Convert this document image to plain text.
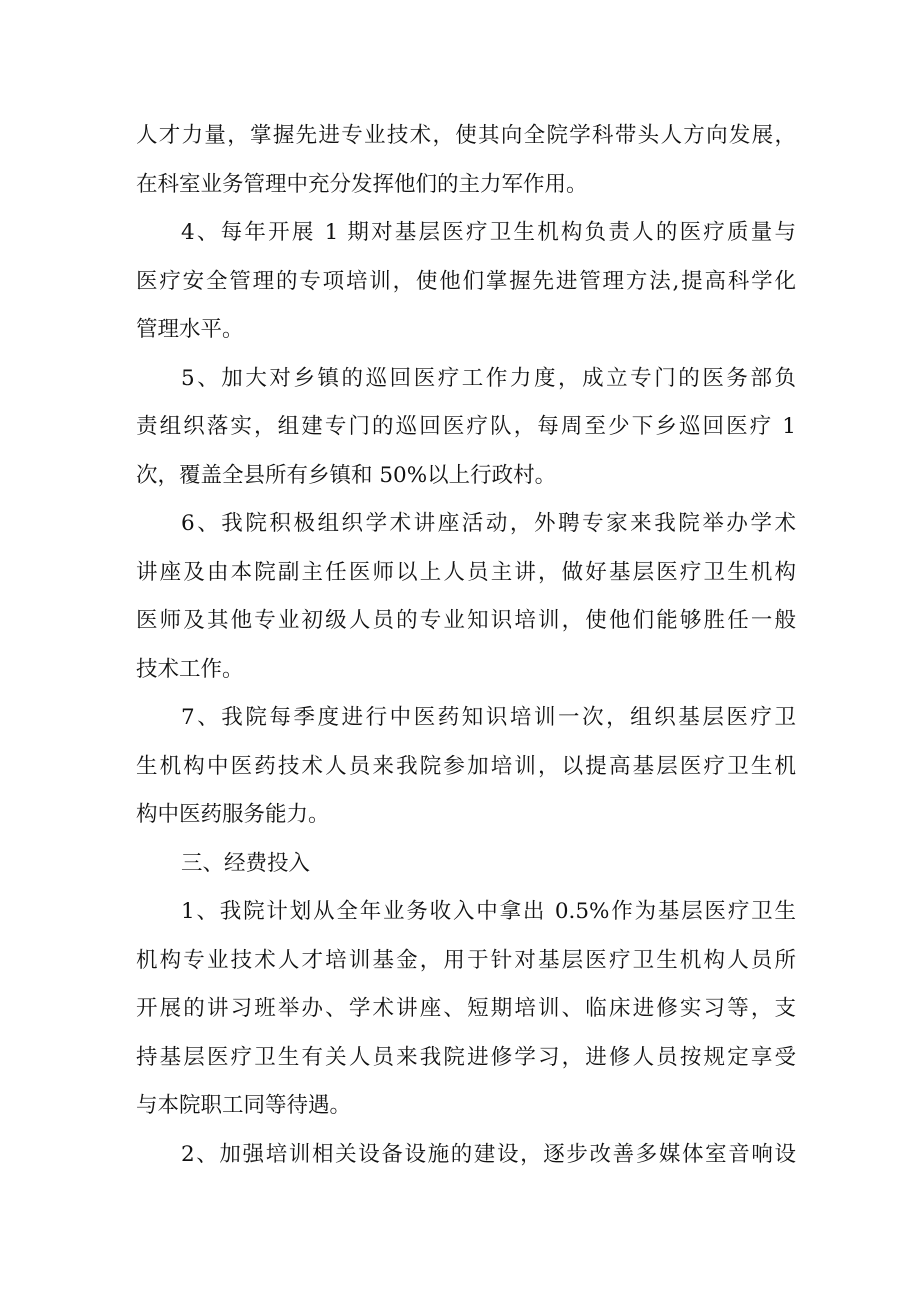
人才力量，掌握先进专业技术，使其向全院学科带头人方向发展，
在科室业务管理中充分发挥他们的主力军作用。
4、每年开展 1 期对基层医疗卫生机构负责人的医疗质量与
医疗安全管理的专项培训，使他们掌握先进管理方法,提高科学化
管理水平。
5、加大对乡镇的巡回医疗工作力度，成立专门的医务部负
责组织落实，组建专门的巡回医疗队，每周至少下乡巡回医疗 1
次，覆盖全县所有乡镇和 50%以上行政村。
6、我院积极组织学术讲座活动，外聘专家来我院举办学术
讲座及由本院副主任医师以上人员主讲，做好基层医疗卫生机构
医师及其他专业初级人员的专业知识培训，使他们能够胜任一般
技术工作。
7、我院每季度进行中医药知识培训一次，组织基层医疗卫
生机构中医药技术人员来我院参加培训，以提高基层医疗卫生机
构中医药服务能力。
三、经费投入
1、我院计划从全年业务收入中拿出 0.5%作为基层医疗卫生
机构专业技术人才培训基金，用于针对基层医疗卫生机构人员所
开展的讲习班举办、学术讲座、短期培训、临床进修实习等，支
持基层医疗卫生有关人员来我院进修学习，进修人员按规定享受
与本院职工同等待遇。
2、加强培训相关设备设施的建设，逐步改善多媒体室音响设
